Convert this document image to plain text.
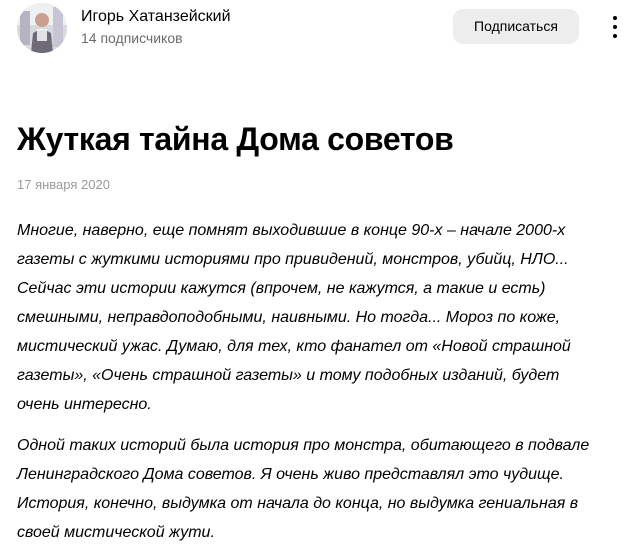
Игорь Хатанзейский
14 подписчиков
Подписаться
Жуткая тайна Дома советов
17 января 2020

Многие, наверно, еще помнят выходившие в конце 90-х – начале 2000-х
газеты с жуткими историями про привидений, монстров, убийц, НЛО...
Сейчас эти истории кажутся (впрочем, не кажутся, а такие и есть)
смешными, неправдоподобными, наивными. Но тогда... Мороз по коже,
мистический ужас. Думаю, для тех, кто фанател от «Новой страшной
газеты», «Очень страшной газеты» и тому подобных изданий, будет
очень интересно.

Одной таких историй была история про монстра, обитающего в подвале
Ленинградского Дома советов. Я очень живо представлял это чудище.
История, конечно, выдумка от начала до конца, но выдумка гениальная в
своей мистической жути.
